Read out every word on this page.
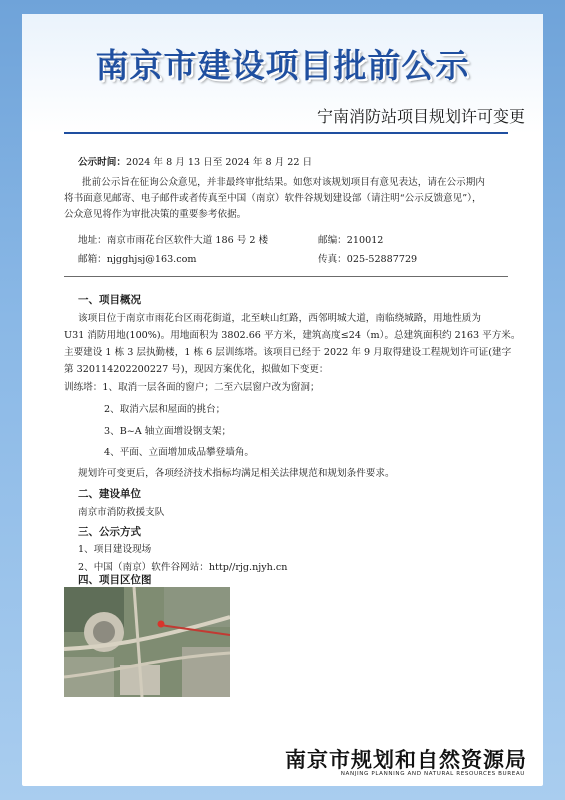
南京市建设项目批前公示
宁南消防站项目规划许可变更
公示时间：2024 年 8 月 13 日至 2024 年 8 月 22 日
批前公示旨在征询公众意见，并非最终审批结果。如您对该规划项目有意见表达，请在公示期内
将书面意见邮寄、电子邮件或者传真至中国（南京）软件谷规划建设部（请注明“公示反馈意见”），
公众意见将作为审批决策的重要参考依据。
地址：南京市雨花台区软件大道 186 号 2 楼	邮编：210012
邮箱：njgghjsj@163.com	传真：025-52887729
一、项目概况
该项目位于南京市雨花台区雨花街道，北至峡山红路，西邻明城大道，南临绕城路，用地性质为
U31 消防用地(100%)。用地面积为 3802.66 平方米，建筑高度≤24（m）。总建筑面积约 2163 平方米。
主要建设 1 栋 3 层执勤楼，1 栋 6 层训练塔。该项目已经于 2022 年 9 月取得建设工程规划许可证(建字
第 320114202200227 号)，现因方案优化，拟做如下变更：
训练塔：1、取消一层各面的窗户；二至六层窗户改为窗洞；
2、取消六层和屋面的挑台；
3、B~A 轴立面增设钢支架；
4、平面、立面增加成品攀登墙角。
规划许可变更后，各项经济技术指标均满足相关法律规范和规划条件要求。
二、建设单位
南京市消防救援支队
三、公示方式
1、项目建设现场
2、中国（南京）软件谷网站：http//rjg.njyh.cn
四、项目区位图
南京市规划和自然资源局
NANJING PLANNING AND NATURAL RESOURCES BUREAU
